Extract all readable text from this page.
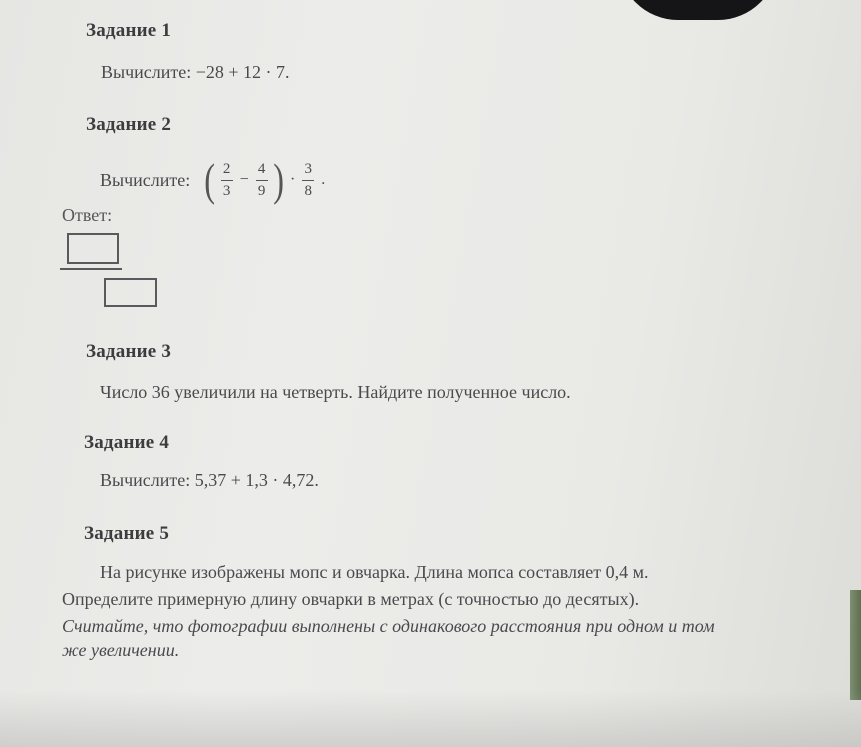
Задание 1
Вычислите: −28 + 12 · 7.
Задание 2
Вычислите: ( $\frac{2}{3} - \frac{4}{9}$ ) · $\frac{3}{8}$ .
Ответ:
Задание 3
Число 36 увеличили на четверть. Найдите полученное число.
Задание 4
Вычислите: 5,37 + 1,3 · 4,72.
Задание 5
На рисунке изображены мопс и овчарка. Длина мопса составляет 0,4 м.
Определите примерную длину овчарки в метрах (с точностью до десятых).
Считайте, что фотографии выполнены с одинакового расстояния при одном и том
же увеличении.
